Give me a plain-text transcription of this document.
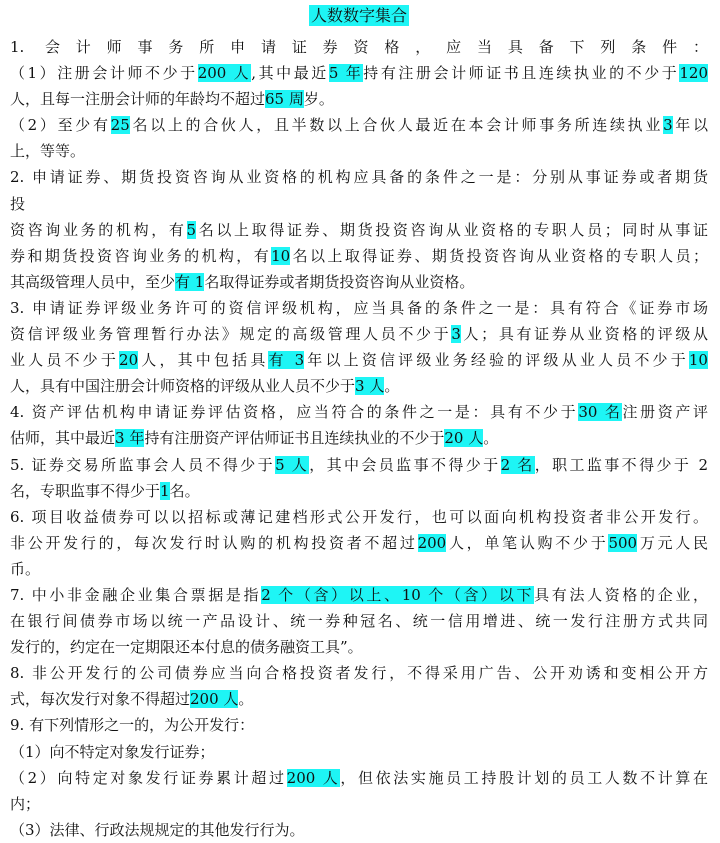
人数数字集合
1. 会计师事务所申请证券资格，应当具备下列条件：
（1）注册会计师不少于200 人,其中最近5 年持有注册会计师证书且连续执业的不少于120
人，且每一注册会计师的年龄均不超过65 周岁。
（2）至少有25名以上的合伙人，且半数以上合伙人最近在本会计师事务所连续执业3年以
上，等等。
2. 申请证券、期货投资咨询从业资格的机构应具备的条件之一是：分别从事证券或者期货
投
资咨询业务的机构，有5名以上取得证券、期货投资咨询从业资格的专职人员；同时从事证
券和期货投资咨询业务的机构，有10名以上取得证券、期货投资咨询从业资格的专职人员；
其高级管理人员中，至少有 1名取得证券或者期货投资咨询从业资格。
3. 申请证券评级业务许可的资信评级机构，应当具备的条件之一是：具有符合《证券市场
资信评级业务管理暂行办法》规定的高级管理人员不少于3人；具有证券从业资格的评级从
业人员不少于20人，其中包括具有 3年以上资信评级业务经验的评级从业人员不少于10
人，具有中国注册会计师资格的评级从业人员不少于3 人。
4. 资产评估机构申请证券评估资格，应当符合的条件之一是：具有不少于30 名注册资产评
估师，其中最近3 年持有注册资产评估师证书且连续执业的不少于20 人。
5. 证券交易所监事会人员不得少于5 人，其中会员监事不得少于2 名，职工监事不得少于 2
名，专职监事不得少于1名。
6. 项目收益债券可以以招标或薄记建档形式公开发行，也可以面向机构投资者非公开发行。
非公开发行的，每次发行时认购的机构投资者不超过200人，单笔认购不少于500万元人民
币。
7. 中小非金融企业集合票据是指2 个（含）以上、10 个（含）以下具有法人资格的企业，
在银行间债券市场以统一产品设计、统一券种冠名、统一信用增进、统一发行注册方式共同
发行的，约定在一定期限还本付息的债务融资工具”。
8. 非公开发行的公司债券应当向合格投资者发行，不得采用广告、公开劝诱和变相公开方
式，每次发行对象不得超过200 人。
9. 有下列情形之一的，为公开发行：
（1）向不特定对象发行证券；
（2）向特定对象发行证券累计超过200 人，但依法实施员工持股计划的员工人数不计算在
内；
（3）法律、行政法规规定的其他发行行为。
